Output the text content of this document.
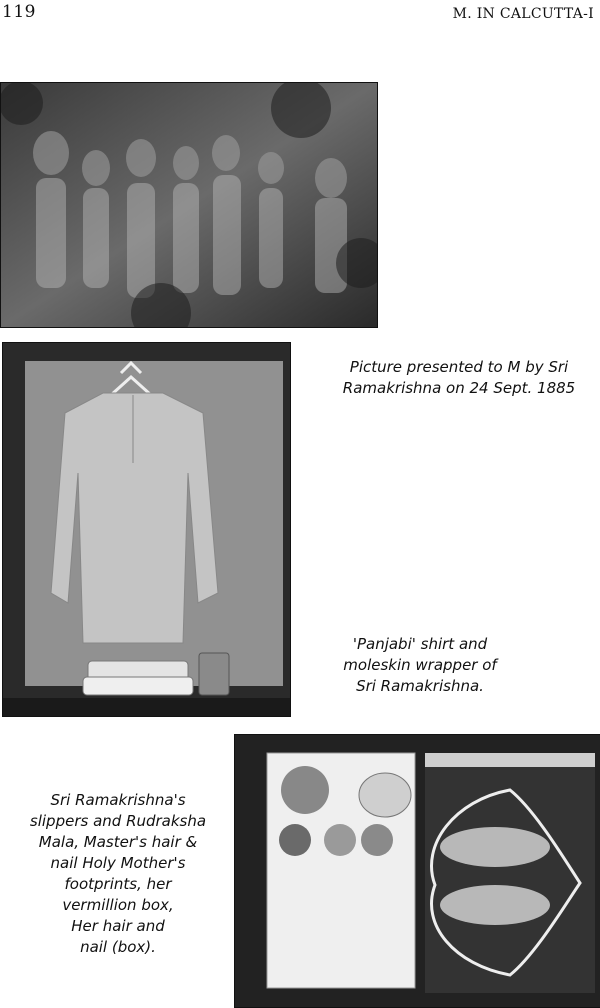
119	M. IN CALCUTTA-I
Picture presented to M by Sri
Ramakrishna on 24 Sept. 1885
'Panjabi' shirt and
moleskin wrapper of
Sri Ramakrishna.
Sri Ramakrishna's
slippers and Rudraksha
Mala, Master's hair &
nail Holy Mother's
footprints, her
vermillion box,
Her hair and
nail (box).
